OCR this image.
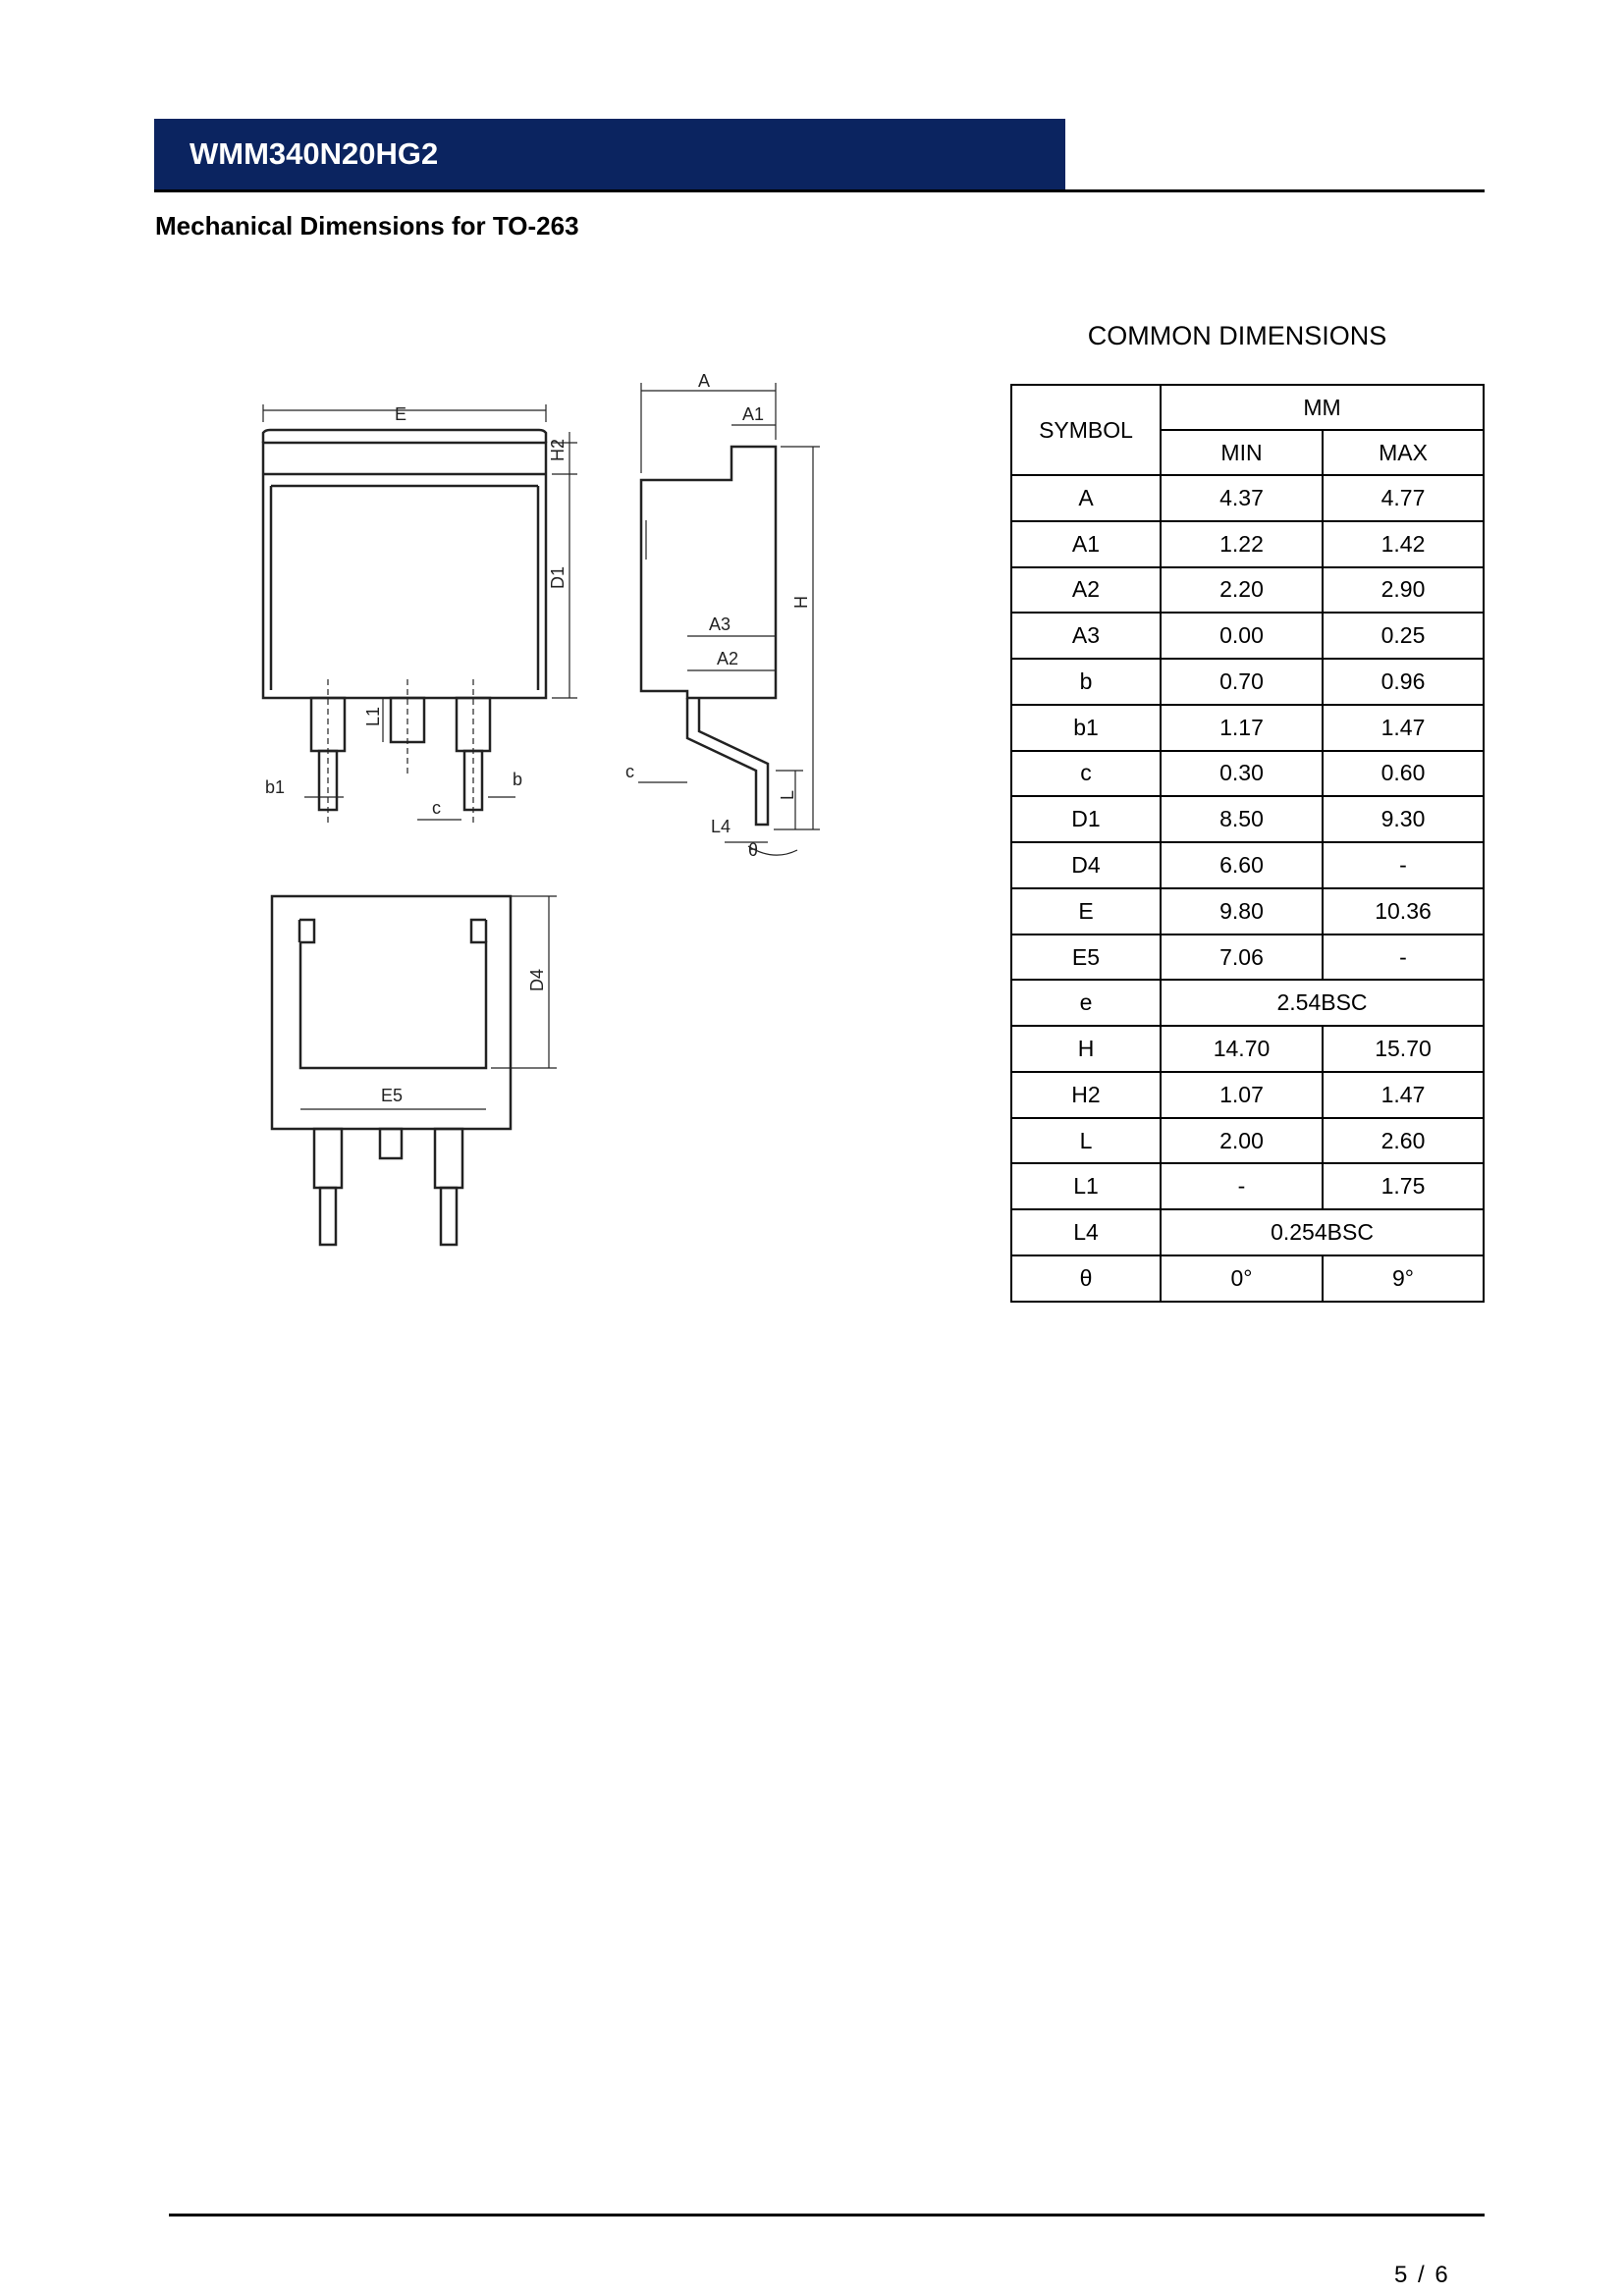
WMM340N20HG2
Mechanical Dimensions for TO-263
E
H2
D1
L1
b1
c
b
A
A1
A3
A2
H
c
L
L4
θ
D4
E5
COMMON DIMENSIONS
SYMBOL	MM	
	MIN	MAX
A	4.37	4.77
A1	1.22	1.42
A2	2.20	2.90
A3	0.00	0.25
b	0.70	0.96
b1	1.17	1.47
c	0.30	0.60
D1	8.50	9.30
D4	6.60	-
E	9.80	10.36
E5	7.06	-
e	2.54BSC	
H	14.70	15.70
H2	1.07	1.47
L	2.00	2.60
L1	-	1.75
L4	0.254BSC	
θ	0°	9°
5 / 6
